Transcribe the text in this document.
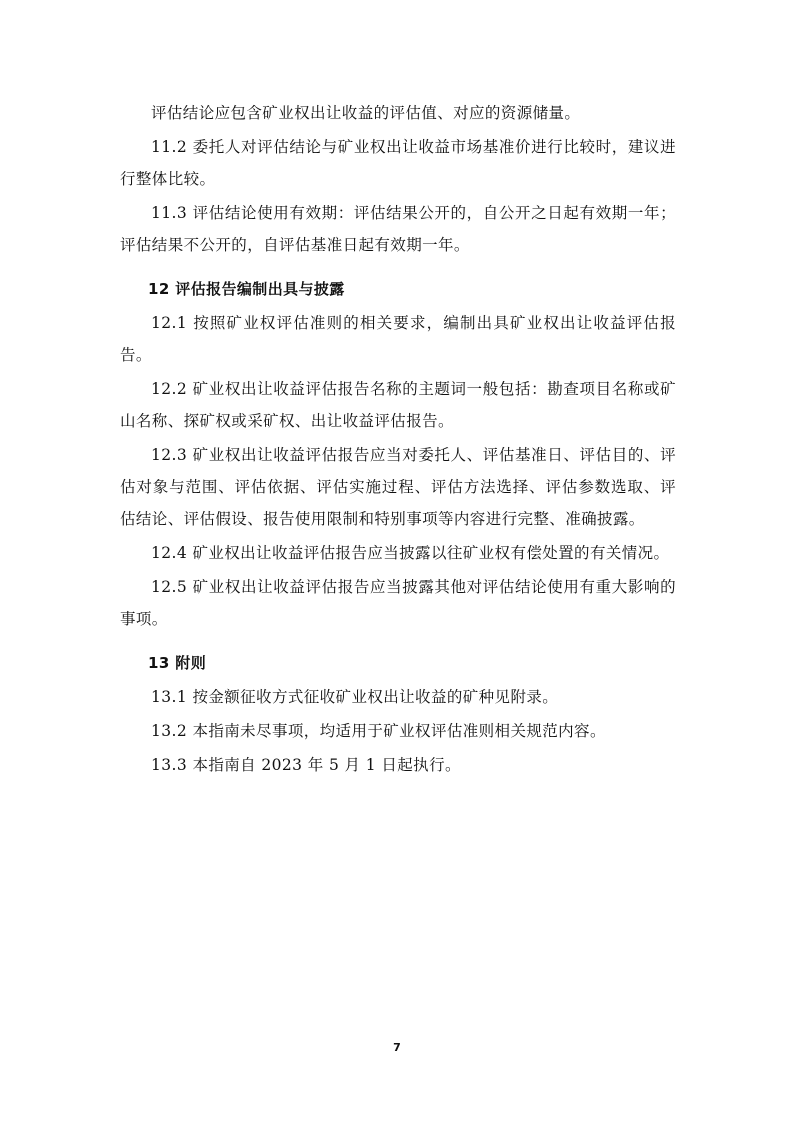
评估结论应包含矿业权出让收益的评估值、对应的资源储量。

11.2 委托人对评估结论与矿业权出让收益市场基准价进行比较时，建议进行整体比较。

11.3 评估结论使用有效期：评估结果公开的，自公开之日起有效期一年；评估结果不公开的，自评估基准日起有效期一年。

12 评估报告编制出具与披露

12.1 按照矿业权评估准则的相关要求，编制出具矿业权出让收益评估报告。

12.2 矿业权出让收益评估报告名称的主题词一般包括：勘查项目名称或矿山名称、探矿权或采矿权、出让收益评估报告。

12.3 矿业权出让收益评估报告应当对委托人、评估基准日、评估目的、评估对象与范围、评估依据、评估实施过程、评估方法选择、评估参数选取、评估结论、评估假设、报告使用限制和特别事项等内容进行完整、准确披露。

12.4 矿业权出让收益评估报告应当披露以往矿业权有偿处置的有关情况。

12.5 矿业权出让收益评估报告应当披露其他对评估结论使用有重大影响的事项。

13 附则

13.1 按金额征收方式征收矿业权出让收益的矿种见附录。

13.2 本指南未尽事项，均适用于矿业权评估准则相关规范内容。

13.3 本指南自 2023 年 5 月 1 日起执行。

7
